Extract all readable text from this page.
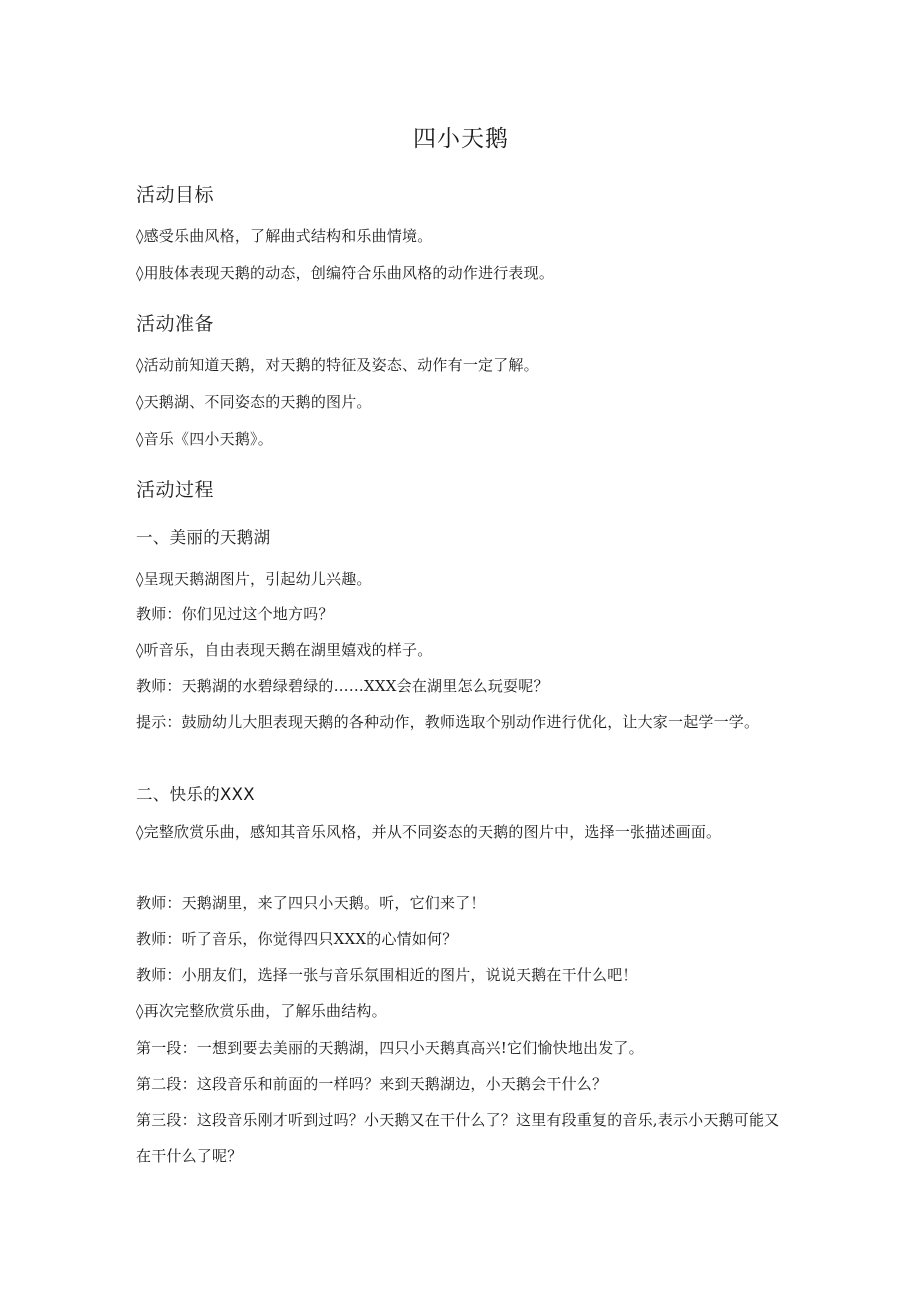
四小天鹅
活动目标
◊感受乐曲风格，了解曲式结构和乐曲情境。
◊用肢体表现天鹅的动态，创编符合乐曲风格的动作进行表现。
活动准备
◊活动前知道天鹅，对天鹅的特征及姿态、动作有一定了解。
◊天鹅湖、不同姿态的天鹅的图片。
◊音乐《四小天鹅》。
活动过程
一、美丽的天鹅湖
◊呈现天鹅湖图片，引起幼儿兴趣。
教师：你们见过这个地方吗？
◊听音乐，自由表现天鹅在湖里嬉戏的样子。
教师：天鹅湖的水碧绿碧绿的……XXX会在湖里怎么玩耍呢？
提示：鼓励幼儿大胆表现天鹅的各种动作，教师选取个别动作进行优化，让大家一起学一学。
二、快乐的XXX
◊完整欣赏乐曲，感知其音乐风格，并从不同姿态的天鹅的图片中，选择一张描述画面。
教师：天鹅湖里，来了四只小天鹅。听，它们来了！
教师：听了音乐，你觉得四只XXX的心情如何？
教师：小朋友们，选择一张与音乐氛围相近的图片，说说天鹅在干什么吧！
◊再次完整欣赏乐曲，了解乐曲结构。
第一段：一想到要去美丽的天鹅湖，四只小天鹅真高兴!它们愉快地出发了。
第二段：这段音乐和前面的一样吗？来到天鹅湖边，小天鹅会干什么？
第三段：这段音乐刚才听到过吗？小天鹅又在干什么了？这里有段重复的音乐,表示小天鹅可能又在干什么了呢？
